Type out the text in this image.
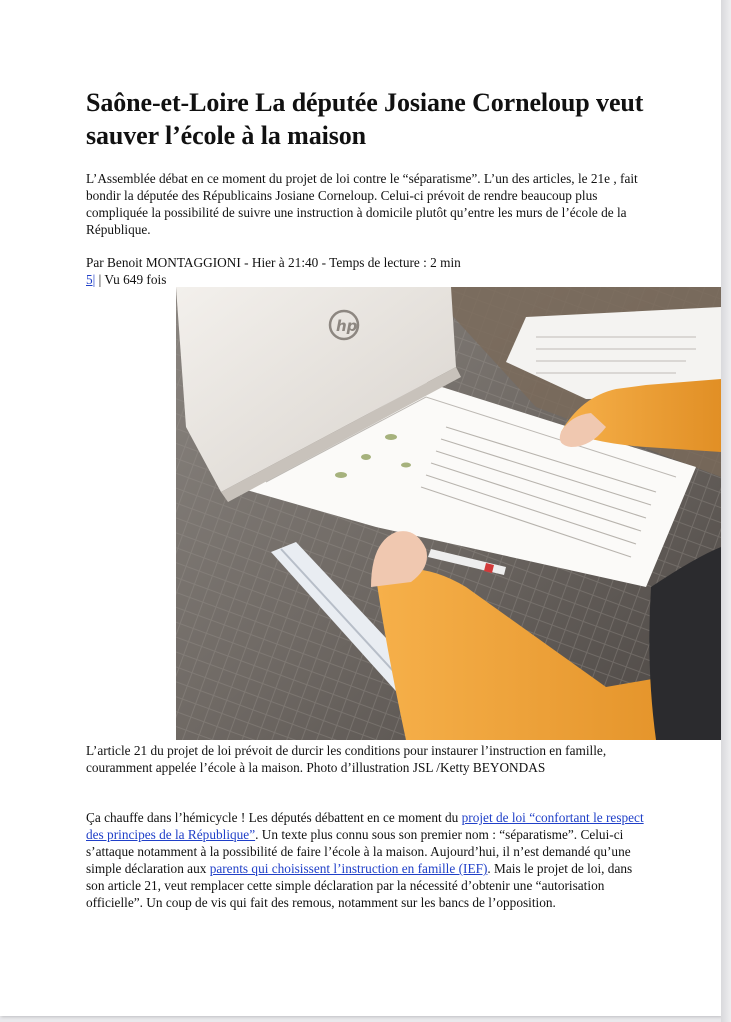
Saône-et-Loire La députée Josiane Corneloup veut sauver l’école à la maison

L’Assemblée débat en ce moment du projet de loi contre le “séparatisme”. L’un des articles, le 21e , fait bondir la députée des Républicains Josiane Corneloup. Celui-ci prévoit de rendre beaucoup plus compliquée la possibilité de suivre une instruction à domicile plutôt qu’entre les murs de l’école de la République.

Par Benoit MONTAGGIONI - Hier à 21:40 - Temps de lecture : 2 min
5| | Vu 649 fois

hp

L’article 21 du projet de loi prévoit de durcir les conditions pour instaurer l’instruction en famille, couramment appelée l’école à la maison. Photo d’illustration JSL /Ketty BEYONDAS

Ça chauffe dans l’hémicycle ! Les députés débattent en ce moment du projet de loi “confortant le respect des principes de la République”. Un texte plus connu sous son premier nom : “séparatisme”. Celui-ci s’attaque notamment à la possibilité de faire l’école à la maison. Aujourd’hui, il n’est demandé qu’une simple déclaration aux parents qui choisissent l’instruction en famille (IEF). Mais le projet de loi, dans son article 21, veut remplacer cette simple déclaration par la nécessité d’obtenir une “autorisation officielle”. Un coup de vis qui fait des remous, notamment sur les bancs de l’opposition.
